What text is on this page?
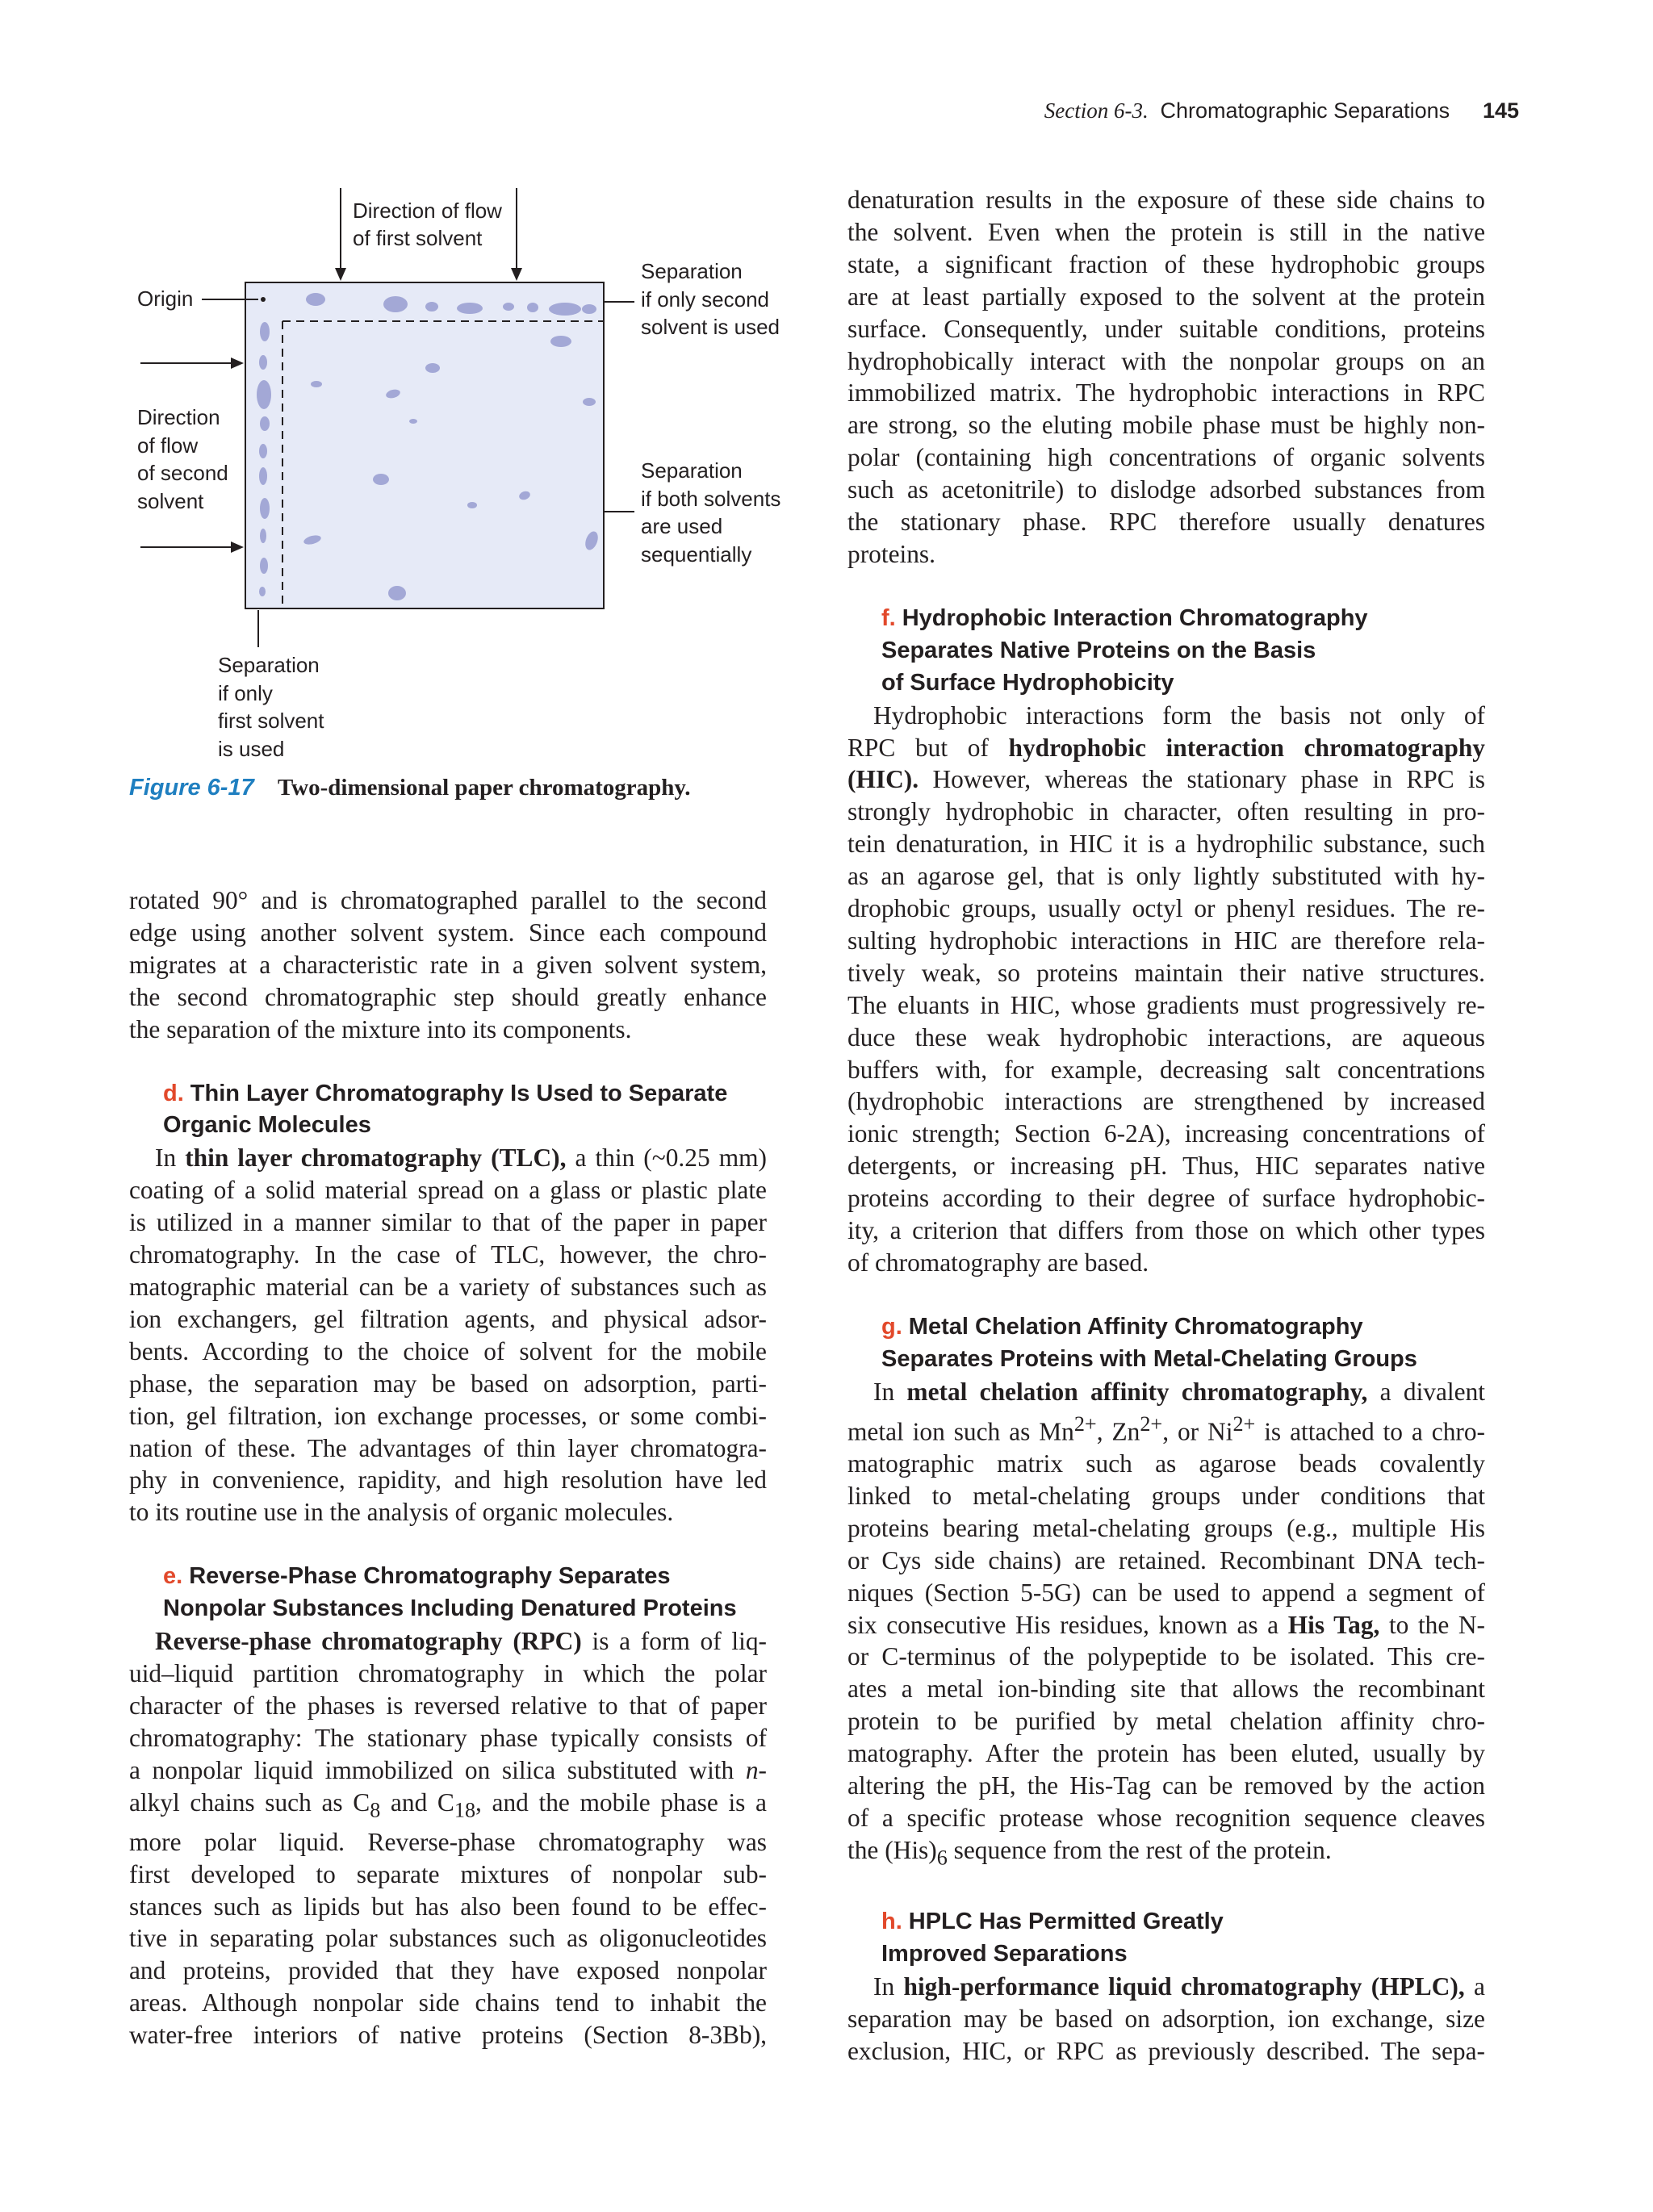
Section 6-3. Chromatographic Separations 145
Direction of flow
of first solvent
Origin
Direction
of flow
of second
solvent
Separation
if only second
solvent is used
Separation
if both solvents
are used
sequentially
Separation
if only
first solvent
is used
Figure 6-17 Two-dimensional paper chromatography.

rotated 90° and is chromatographed parallel to the second

edge using another solvent system. Since each compound

migrates at a characteristic rate in a given solvent system,

the second chromatographic step should greatly enhance

the separation of the mixture into its components.

d. Thin Layer Chromatography Is Used to Separate
Organic Molecules

In thin layer chromatography (TLC), a thin (~0.25 mm)

coating of a solid material spread on a glass or plastic plate

is utilized in a manner similar to that of the paper in paper

chromatography. In the case of TLC, however, the chro-

matographic material can be a variety of substances such as

ion exchangers, gel filtration agents, and physical adsor-

bents. According to the choice of solvent for the mobile

phase, the separation may be based on adsorption, parti-

tion, gel filtration, ion exchange processes, or some combi-

nation of these. The advantages of thin layer chromatogra-

phy in convenience, rapidity, and high resolution have led

to its routine use in the analysis of organic molecules.

e. Reverse-Phase Chromatography Separates
Nonpolar Substances Including Denatured Proteins

Reverse-phase chromatography (RPC) is a form of liq-

uid–liquid partition chromatography in which the polar

character of the phases is reversed relative to that of paper

chromatography: The stationary phase typically consists of

a nonpolar liquid immobilized on silica substituted with n-

alkyl chains such as $C_8$ and $C_{18}$, and the mobile phase is a

more polar liquid. Reverse-phase chromatography was

first developed to separate mixtures of nonpolar sub-

stances such as lipids but has also been found to be effec-

tive in separating polar substances such as oligonucleotides

and proteins, provided that they have exposed nonpolar

areas. Although nonpolar side chains tend to inhabit the

water-free interiors of native proteins (Section 8-3Bb),

denaturation results in the exposure of these side chains to

the solvent. Even when the protein is still in the native

state, a significant fraction of these hydrophobic groups

are at least partially exposed to the solvent at the protein

surface. Consequently, under suitable conditions, proteins

hydrophobically interact with the nonpolar groups on an

immobilized matrix. The hydrophobic interactions in RPC

are strong, so the eluting mobile phase must be highly non-

polar (containing high concentrations of organic solvents

such as acetonitrile) to dislodge adsorbed substances from

the stationary phase. RPC therefore usually denatures

proteins.

f. Hydrophobic Interaction Chromatography
Separates Native Proteins on the Basis
of Surface Hydrophobicity

Hydrophobic interactions form the basis not only of

RPC but of hydrophobic interaction chromatography

(HIC). However, whereas the stationary phase in RPC is

strongly hydrophobic in character, often resulting in pro-

tein denaturation, in HIC it is a hydrophilic substance, such

as an agarose gel, that is only lightly substituted with hy-

drophobic groups, usually octyl or phenyl residues. The re-

sulting hydrophobic interactions in HIC are therefore rela-

tively weak, so proteins maintain their native structures.

The eluants in HIC, whose gradients must progressively re-

duce these weak hydrophobic interactions, are aqueous

buffers with, for example, decreasing salt concentrations

(hydrophobic interactions are strengthened by increased

ionic strength; Section 6-2A), increasing concentrations of

detergents, or increasing pH. Thus, HIC separates native

proteins according to their degree of surface hydrophobic-

ity, a criterion that differs from those on which other types

of chromatography are based.

g. Metal Chelation Affinity Chromatography
Separates Proteins with Metal-Chelating Groups

In metal chelation affinity chromatography, a divalent

metal ion such as $Mn^{2+}$, $Zn^{2+}$, or $Ni^{2+}$ is attached to a chro-

matographic matrix such as agarose beads covalently

linked to metal-chelating groups under conditions that

proteins bearing metal-chelating groups (e.g., multiple His

or Cys side chains) are retained. Recombinant DNA tech-

niques (Section 5-5G) can be used to append a segment of

six consecutive His residues, known as a His Tag, to the N-

or C-terminus of the polypeptide to be isolated. This cre-

ates a metal ion-binding site that allows the recombinant

protein to be purified by metal chelation affinity chro-

matography. After the protein has been eluted, usually by

altering the pH, the His-Tag can be removed by the action

of a specific protease whose recognition sequence cleaves

the $(His)_6$ sequence from the rest of the protein.

h. HPLC Has Permitted Greatly
Improved Separations

In high-performance liquid chromatography (HPLC), a

separation may be based on adsorption, ion exchange, size

exclusion, HIC, or RPC as previously described. The sepa-
